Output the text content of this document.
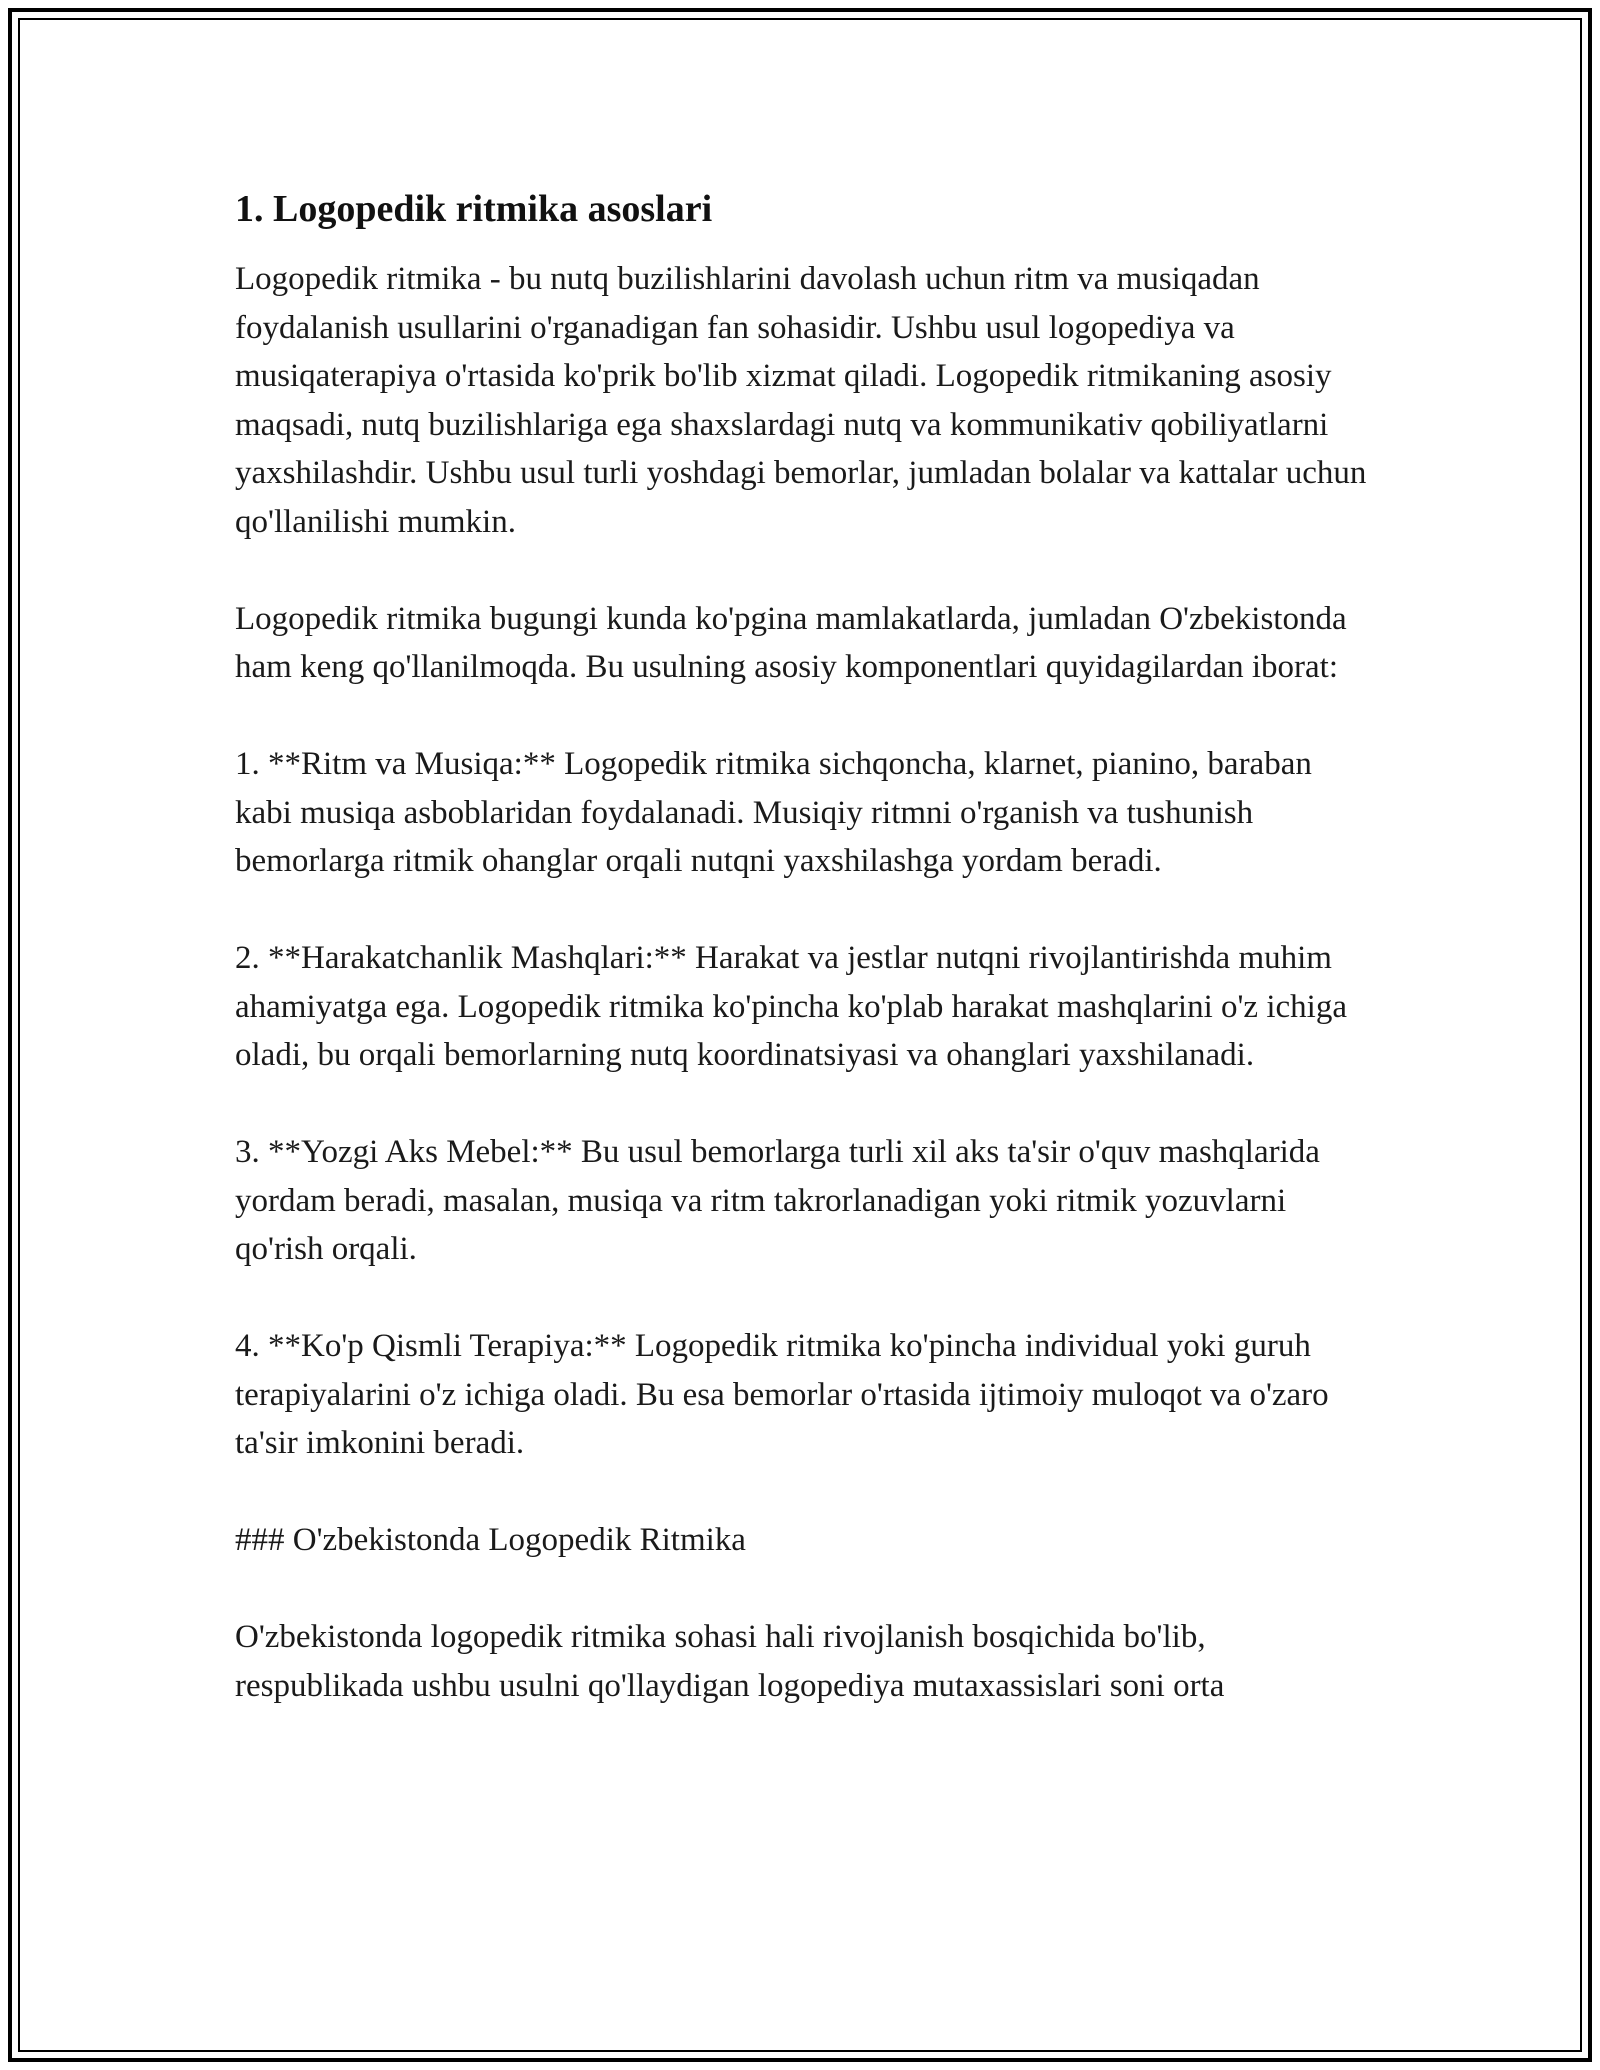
1. Logopedik ritmika asoslari

Logopedik ritmika - bu nutq buzilishlarini davolash uchun ritm va musiqadan foydalanish usullarini o'rganadigan fan sohasidir. Ushbu usul logopediya va musiqaterapiya o'rtasida ko'prik bo'lib xizmat qiladi. Logopedik ritmikaning asosiy maqsadi, nutq buzilishlariga ega shaxslardagi nutq va kommunikativ qobiliyatlarni yaxshilashdir. Ushbu usul turli yoshdagi bemorlar, jumladan bolalar va kattalar uchun qo'llanilishi mumkin.

Logopedik ritmika bugungi kunda ko'pgina mamlakatlarda, jumladan O'zbekistonda ham keng qo'llanilmoqda. Bu usulning asosiy komponentlari quyidagilardan iborat:

1. **Ritm va Musiqa:** Logopedik ritmika sichqoncha, klarnet, pianino, baraban kabi musiqa asboblaridan foydalanadi. Musiqiy ritmni o'rganish va tushunish bemorlarga ritmik ohanglar orqali nutqni yaxshilashga yordam beradi.

2. **Harakatchanlik Mashqlari:** Harakat va jestlar nutqni rivojlantirishda muhim ahamiyatga ega. Logopedik ritmika ko'pincha ko'plab harakat mashqlarini o'z ichiga oladi, bu orqali bemorlarning nutq koordinatsiyasi va ohanglari yaxshilanadi.

3. **Yozgi Aks Mebel:** Bu usul bemorlarga turli xil aks ta'sir o'quv mashqlarida yordam beradi, masalan, musiqa va ritm takrorlanadigan yoki ritmik yozuvlarni qo'rish orqali.

4. **Ko'p Qismli Terapiya:** Logopedik ritmika ko'pincha individual yoki guruh terapiyalarini o'z ichiga oladi. Bu esa bemorlar o'rtasida ijtimoiy muloqot va o'zaro ta'sir imkonini beradi.

### O'zbekistonda Logopedik Ritmika

O'zbekistonda logopedik ritmika sohasi hali rivojlanish bosqichida bo'lib, respublikada ushbu usulni qo'llaydigan logopediya mutaxassislari soni orta
